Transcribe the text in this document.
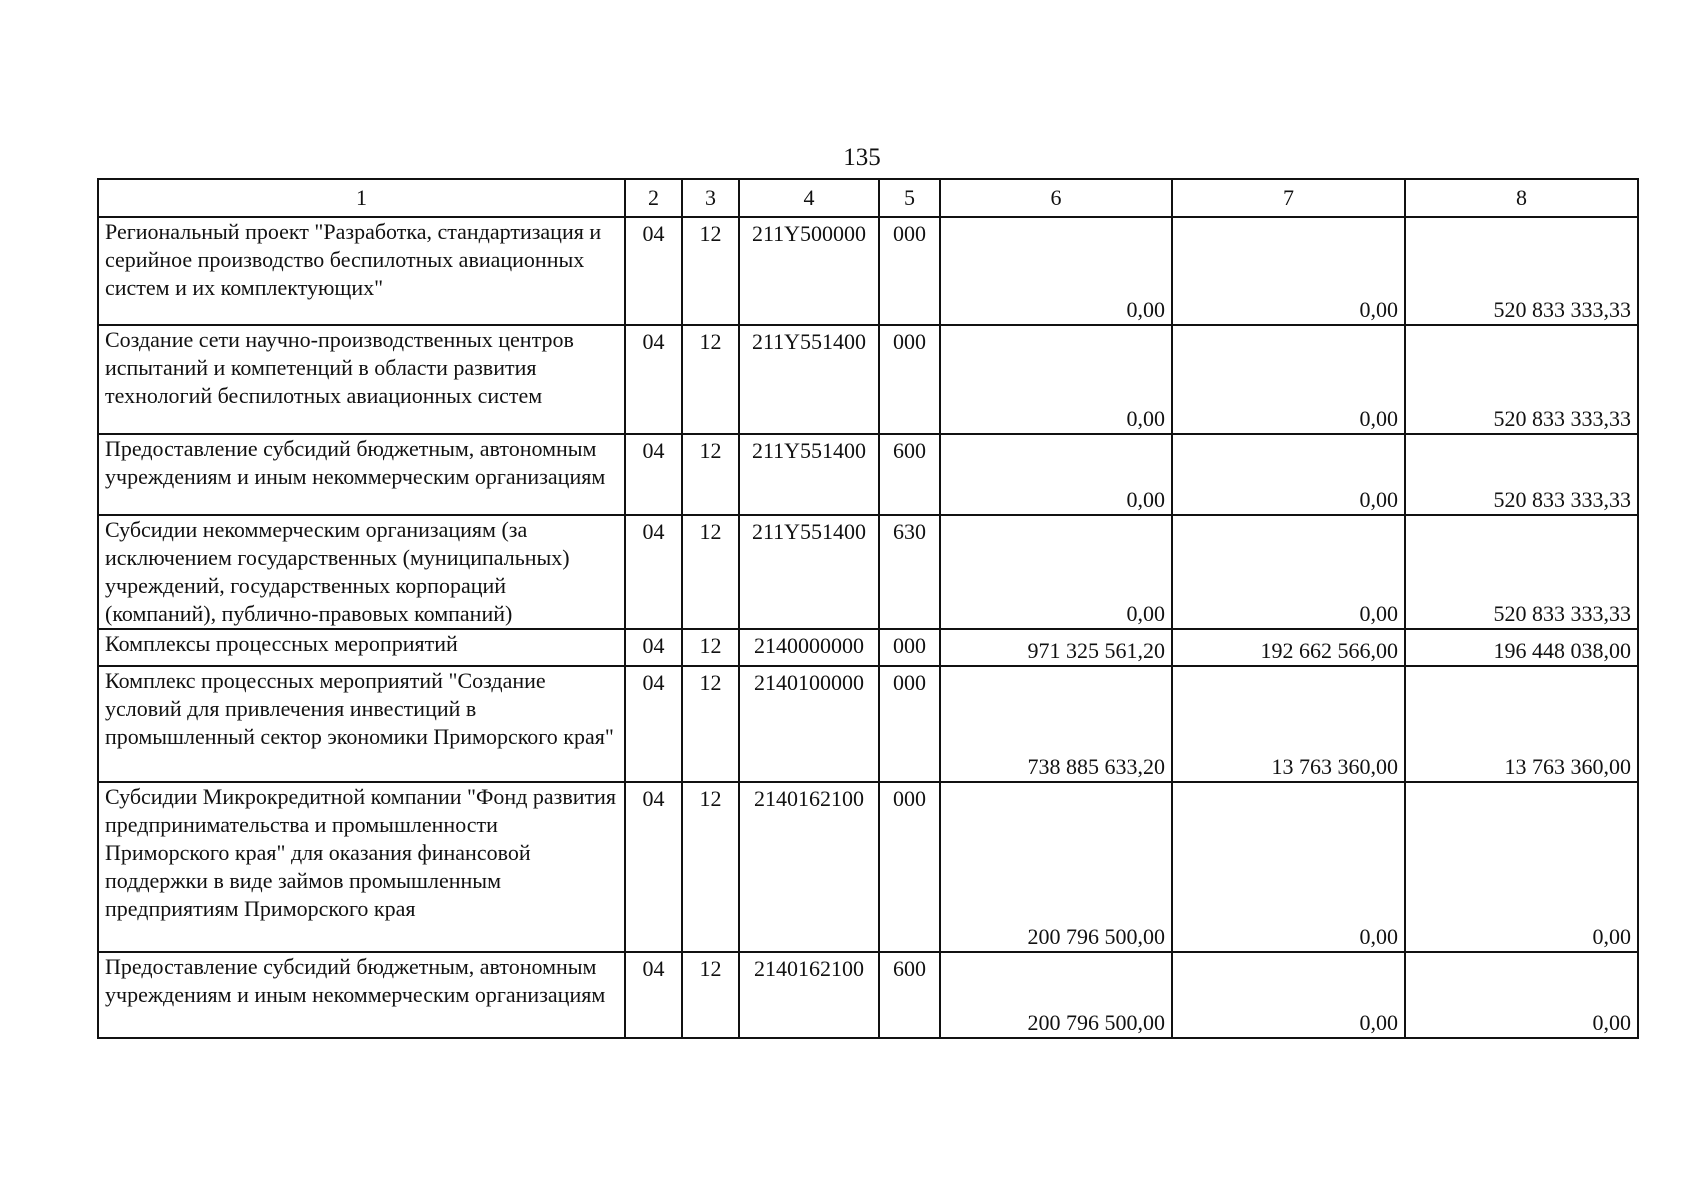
135
1	2	3	4	5	6	7	8
Региональный проект "Разработка, стандартизация и серийное производство беспилотных авиационных систем и их комплектующих"	04	12	211Y500000	000	0,00	0,00	520 833 333,33
Создание сети научно-производственных центров испытаний и компетенций в области развития технологий беспилотных авиационных систем	04	12	211Y551400	000	0,00	0,00	520 833 333,33
Предоставление субсидий бюджетным, автономным учреждениям и иным некоммерческим организациям	04	12	211Y551400	600	0,00	0,00	520 833 333,33
Субсидии некоммерческим организациям (за исключением государственных (муниципальных) учреждений, государственных корпораций (компаний), публично-правовых компаний)	04	12	211Y551400	630	0,00	0,00	520 833 333,33
Комплексы процессных мероприятий	04	12	2140000000	000	971 325 561,20	192 662 566,00	196 448 038,00
Комплекс процессных мероприятий "Создание условий для привлечения инвестиций в промышленный сектор экономики Приморского края"	04	12	2140100000	000	738 885 633,20	13 763 360,00	13 763 360,00
Субсидии Микрокредитной компании "Фонд развития предпринимательства и промышленности Приморского края" для оказания финансовой поддержки в виде займов промышленным предприятиям Приморского края	04	12	2140162100	000	200 796 500,00	0,00	0,00
Предоставление субсидий бюджетным, автономным учреждениям и иным некоммерческим организациям	04	12	2140162100	600	200 796 500,00	0,00	0,00
